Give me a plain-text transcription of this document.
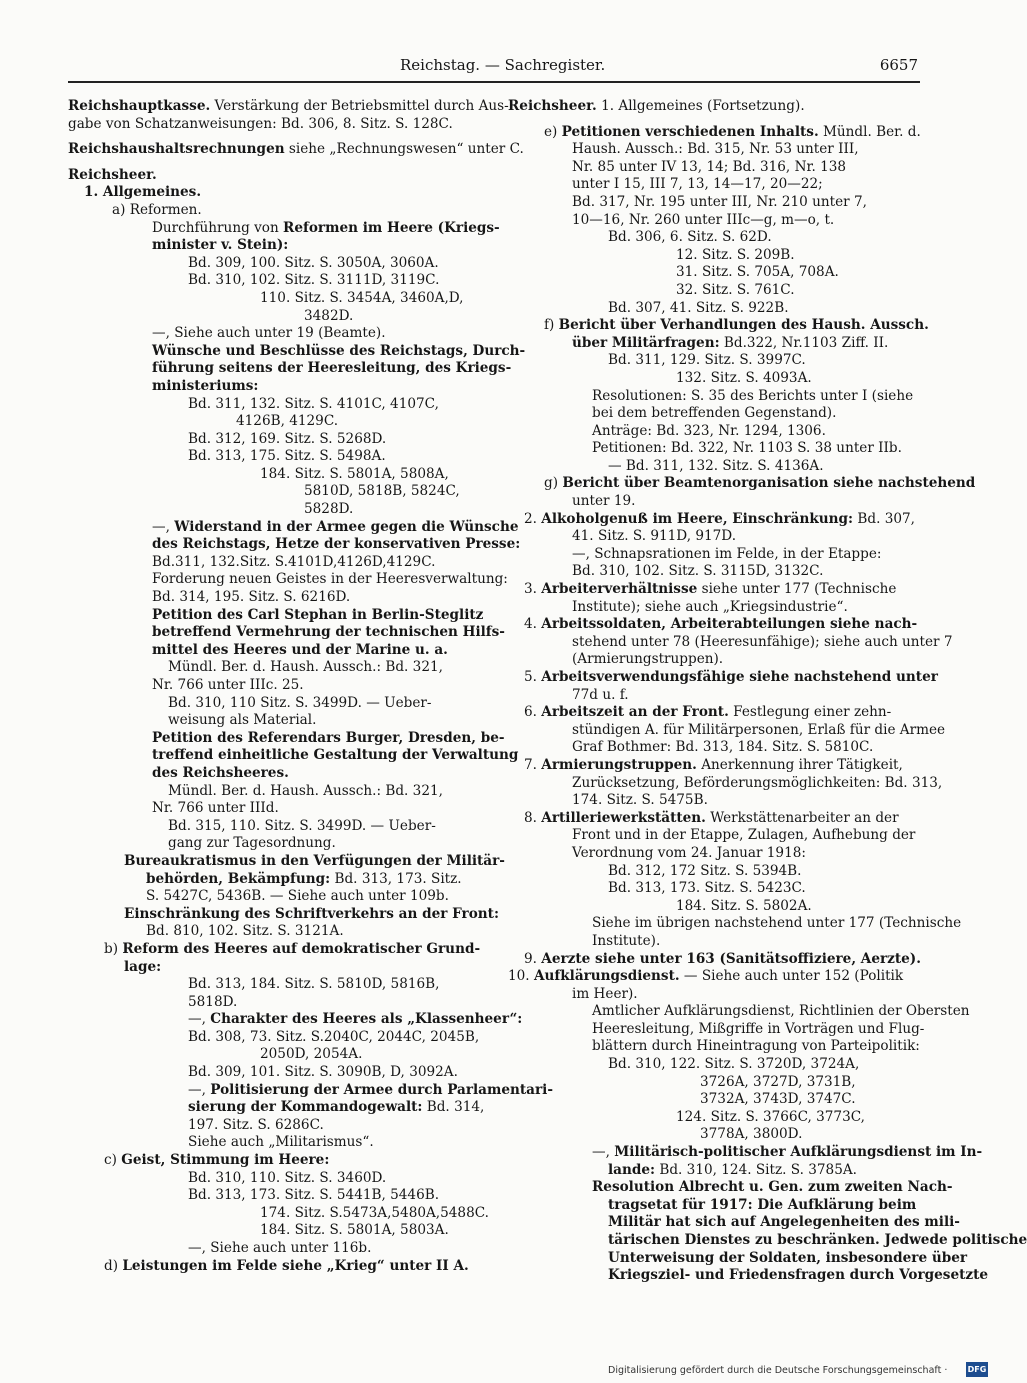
Reichstag. — Sachregister.	6657
Reichshauptkasse. Verstärkung der Betriebsmittel durch Aus-
gabe von Schatzanweisungen: Bd. 306, 8. Sitz. S. 128C.
Reichshaushaltsrechnungen siehe „Rechnungswesen“ unter C.
Reichsheer.
1. Allgemeines.
a) Reformen.
Durchführung von Reformen im Heere (Kriegs-
minister v. Stein):
Bd. 309, 100. Sitz. S. 3050A, 3060A.
Bd. 310, 102. Sitz. S. 3111D, 3119C.
110. Sitz. S. 3454A, 3460A,D,
3482D.
—, Siehe auch unter 19 (Beamte).
Wünsche und Beschlüsse des Reichstags, Durch-
führung seitens der Heeresleitung, des Kriegs-
ministeriums:
Bd. 311, 132. Sitz. S. 4101C, 4107C,
4126B, 4129C.
Bd. 312, 169. Sitz. S. 5268D.
Bd. 313, 175. Sitz. S. 5498A.
184. Sitz. S. 5801A, 5808A,
5810D, 5818B, 5824C,
5828D.
—, Widerstand in der Armee gegen die Wünsche
des Reichstags, Hetze der konservativen Presse:
Bd.311, 132.Sitz. S.4101D,4126D,4129C.
Forderung neuen Geistes in der Heeresverwaltung:
Bd. 314, 195. Sitz. S. 6216D.
Petition des Carl Stephan in Berlin-Steglitz
betreffend Vermehrung der technischen Hilfs-
mittel des Heeres und der Marine u. a.
Mündl. Ber. d. Haush. Aussch.: Bd. 321,
Nr. 766 unter IIIc. 25.
Bd. 310, 110 Sitz. S. 3499D. — Ueber-
weisung als Material.
Petition des Referendars Burger, Dresden, be-
treffend einheitliche Gestaltung der Verwaltung
des Reichsheeres.
Mündl. Ber. d. Haush. Aussch.: Bd. 321,
Nr. 766 unter IIId.
Bd. 315, 110. Sitz. S. 3499D. — Ueber-
gang zur Tagesordnung.
Bureaukratismus in den Verfügungen der Militär-
behörden, Bekämpfung: Bd. 313, 173. Sitz.
S. 5427C, 5436B. — Siehe auch unter 109b.
Einschränkung des Schriftverkehrs an der Front:
Bd. 810, 102. Sitz. S. 3121A.
b) Reform des Heeres auf demokratischer Grund-
lage:
Bd. 313, 184. Sitz. S. 5810D, 5816B,
5818D.
—, Charakter des Heeres als „Klassenheer“:
Bd. 308, 73. Sitz. S.2040C, 2044C, 2045B,
2050D, 2054A.
Bd. 309, 101. Sitz. S. 3090B, D, 3092A.
—, Politisierung der Armee durch Parlamentari-
sierung der Kommandogewalt: Bd. 314,
197. Sitz. S. 6286C.
Siehe auch „Militarismus“.
c) Geist, Stimmung im Heere:
Bd. 310, 110. Sitz. S. 3460D.
Bd. 313, 173. Sitz. S. 5441B, 5446B.
174. Sitz. S.5473A,5480A,5488C.
184. Sitz. S. 5801A, 5803A.
—, Siehe auch unter 116b.
d) Leistungen im Felde siehe „Krieg“ unter II A.
Reichsheer. 1. Allgemeines (Fortsetzung).
e) Petitionen verschiedenen Inhalts. Mündl. Ber. d.
Haush. Aussch.: Bd. 315, Nr. 53 unter III,
Nr. 85 unter IV 13, 14; Bd. 316, Nr. 138
unter I 15, III 7, 13, 14—17, 20—22;
Bd. 317, Nr. 195 unter III, Nr. 210 unter 7,
10—16, Nr. 260 unter IIIc—g, m—o, t.
Bd. 306, 6. Sitz. S. 62D.
12. Sitz. S. 209B.
31. Sitz. S. 705A, 708A.
32. Sitz. S. 761C.
Bd. 307, 41. Sitz. S. 922B.
f) Bericht über Verhandlungen des Haush. Aussch.
über Militärfragen: Bd.322, Nr.1103 Ziff. II.
Bd. 311, 129. Sitz. S. 3997C.
132. Sitz. S. 4093A.
Resolutionen: S. 35 des Berichts unter I (siehe
bei dem betreffenden Gegenstand).
Anträge: Bd. 323, Nr. 1294, 1306.
Petitionen: Bd. 322, Nr. 1103 S. 38 unter IIb.
— Bd. 311, 132. Sitz. S. 4136A.
g) Bericht über Beamtenorganisation siehe nachstehend
unter 19.
2. Alkoholgenuß im Heere, Einschränkung: Bd. 307,
41. Sitz. S. 911D, 917D.
—, Schnapsrationen im Felde, in der Etappe:
Bd. 310, 102. Sitz. S. 3115D, 3132C.
3. Arbeiterverhältnisse siehe unter 177 (Technische
Institute); siehe auch „Kriegsindustrie“.
4. Arbeitssoldaten, Arbeiterabteilungen siehe nach-
stehend unter 78 (Heeresunfähige); siehe auch unter 7
(Armierungstruppen).
5. Arbeitsverwendungsfähige siehe nachstehend unter
77d u. f.
6. Arbeitszeit an der Front. Festlegung einer zehn-
stündigen A. für Militärpersonen, Erlaß für die Armee
Graf Bothmer: Bd. 313, 184. Sitz. S. 5810C.
7. Armierungstruppen. Anerkennung ihrer Tätigkeit,
Zurücksetzung, Beförderungsmöglichkeiten: Bd. 313,
174. Sitz. S. 5475B.
8. Artilleriewerkstätten. Werkstättenarbeiter an der
Front und in der Etappe, Zulagen, Aufhebung der
Verordnung vom 24. Januar 1918:
Bd. 312, 172 Sitz. S. 5394B.
Bd. 313, 173. Sitz. S. 5423C.
184. Sitz. S. 5802A.
Siehe im übrigen nachstehend unter 177 (Technische
Institute).
9. Aerzte siehe unter 163 (Sanitätsoffiziere, Aerzte).
10. Aufklärungsdienst. — Siehe auch unter 152 (Politik
im Heer).
Amtlicher Aufklärungsdienst, Richtlinien der Obersten
Heeresleitung, Mißgriffe in Vorträgen und Flug-
blättern durch Hineintragung von Parteipolitik:
Bd. 310, 122. Sitz. S. 3720D, 3724A,
3726A, 3727D, 3731B,
3732A, 3743D, 3747C.
124. Sitz. S. 3766C, 3773C,
3778A, 3800D.
—, Militärisch-politischer Aufklärungsdienst im In-
lande: Bd. 310, 124. Sitz. S. 3785A.
Resolution Albrecht u. Gen. zum zweiten Nach-
tragsetat für 1917: Die Aufklärung beim
Militär hat sich auf Angelegenheiten des mili-
tärischen Dienstes zu beschränken. Jedwede politische
Unterweisung der Soldaten, insbesondere über
Kriegsziel- und Friedensfragen durch Vorgesetzte
Digitalisierung gefördert durch die Deutsche Forschungsgemeinschaft ·	DFG
